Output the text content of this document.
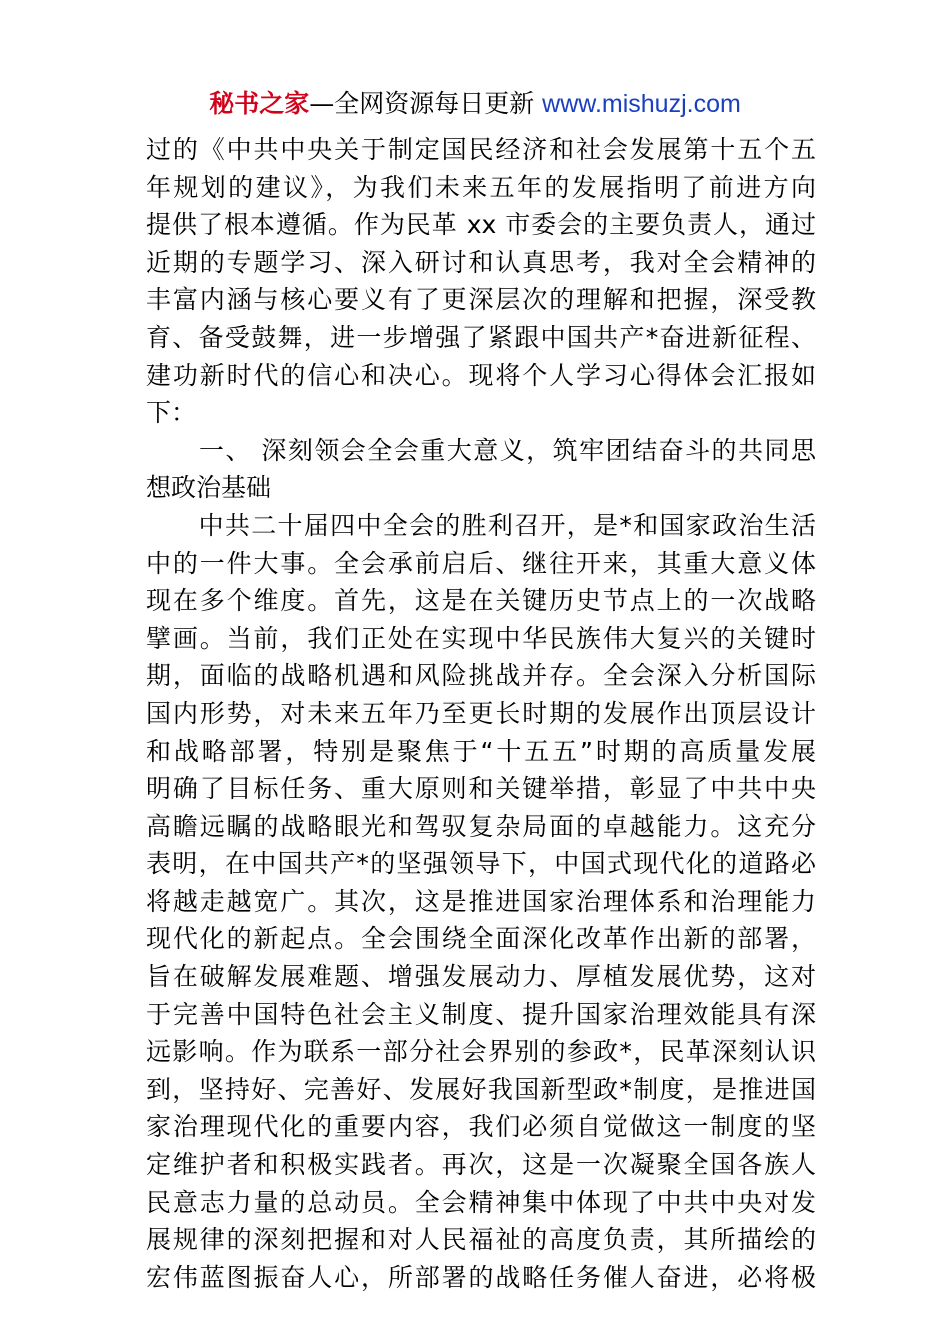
秘书之家—全网资源每日更新 www.mishuzj.com
过的《中共中央关于制定国民经济和社会发展第十五个五
年规划的建议》，为我们未来五年的发展指明了前进方向
提供了根本遵循。作为民革 xx 市委会的主要负责人，通过
近期的专题学习、深入研讨和认真思考，我对全会精神的
丰富内涵与核心要义有了更深层次的理解和把握，深受教
育、备受鼓舞，进一步增强了紧跟中国共产*奋进新征程、
建功新时代的信心和决心。现将个人学习心得体会汇报如
下：
　　一、 深刻领会全会重大意义，筑牢团结奋斗的共同思
想政治基础
　　中共二十届四中全会的胜利召开，是*和国家政治生活
中的一件大事。全会承前启后、继往开来，其重大意义体
现在多个维度。首先，这是在关键历史节点上的一次战略
擘画。当前，我们正处在实现中华民族伟大复兴的关键时
期，面临的战略机遇和风险挑战并存。全会深入分析国际
国内形势，对未来五年乃至更长时期的发展作出顶层设计
和战略部署，特别是聚焦于“十五五”时期的高质量发展
明确了目标任务、重大原则和关键举措，彰显了中共中央
高瞻远瞩的战略眼光和驾驭复杂局面的卓越能力。这充分
表明，在中国共产*的坚强领导下，中国式现代化的道路必
将越走越宽广。其次，这是推进国家治理体系和治理能力
现代化的新起点。全会围绕全面深化改革作出新的部署，
旨在破解发展难题、增强发展动力、厚植发展优势，这对
于完善中国特色社会主义制度、提升国家治理效能具有深
远影响。作为联系一部分社会界别的参政*，民革深刻认识
到，坚持好、完善好、发展好我国新型政*制度，是推进国
家治理现代化的重要内容，我们必须自觉做这一制度的坚
定维护者和积极实践者。再次，这是一次凝聚全国各族人
民意志力量的总动员。全会精神集中体现了中共中央对发
展规律的深刻把握和对人民福祉的高度负责，其所描绘的
宏伟蓝图振奋人心，所部署的战略任务催人奋进，必将极
